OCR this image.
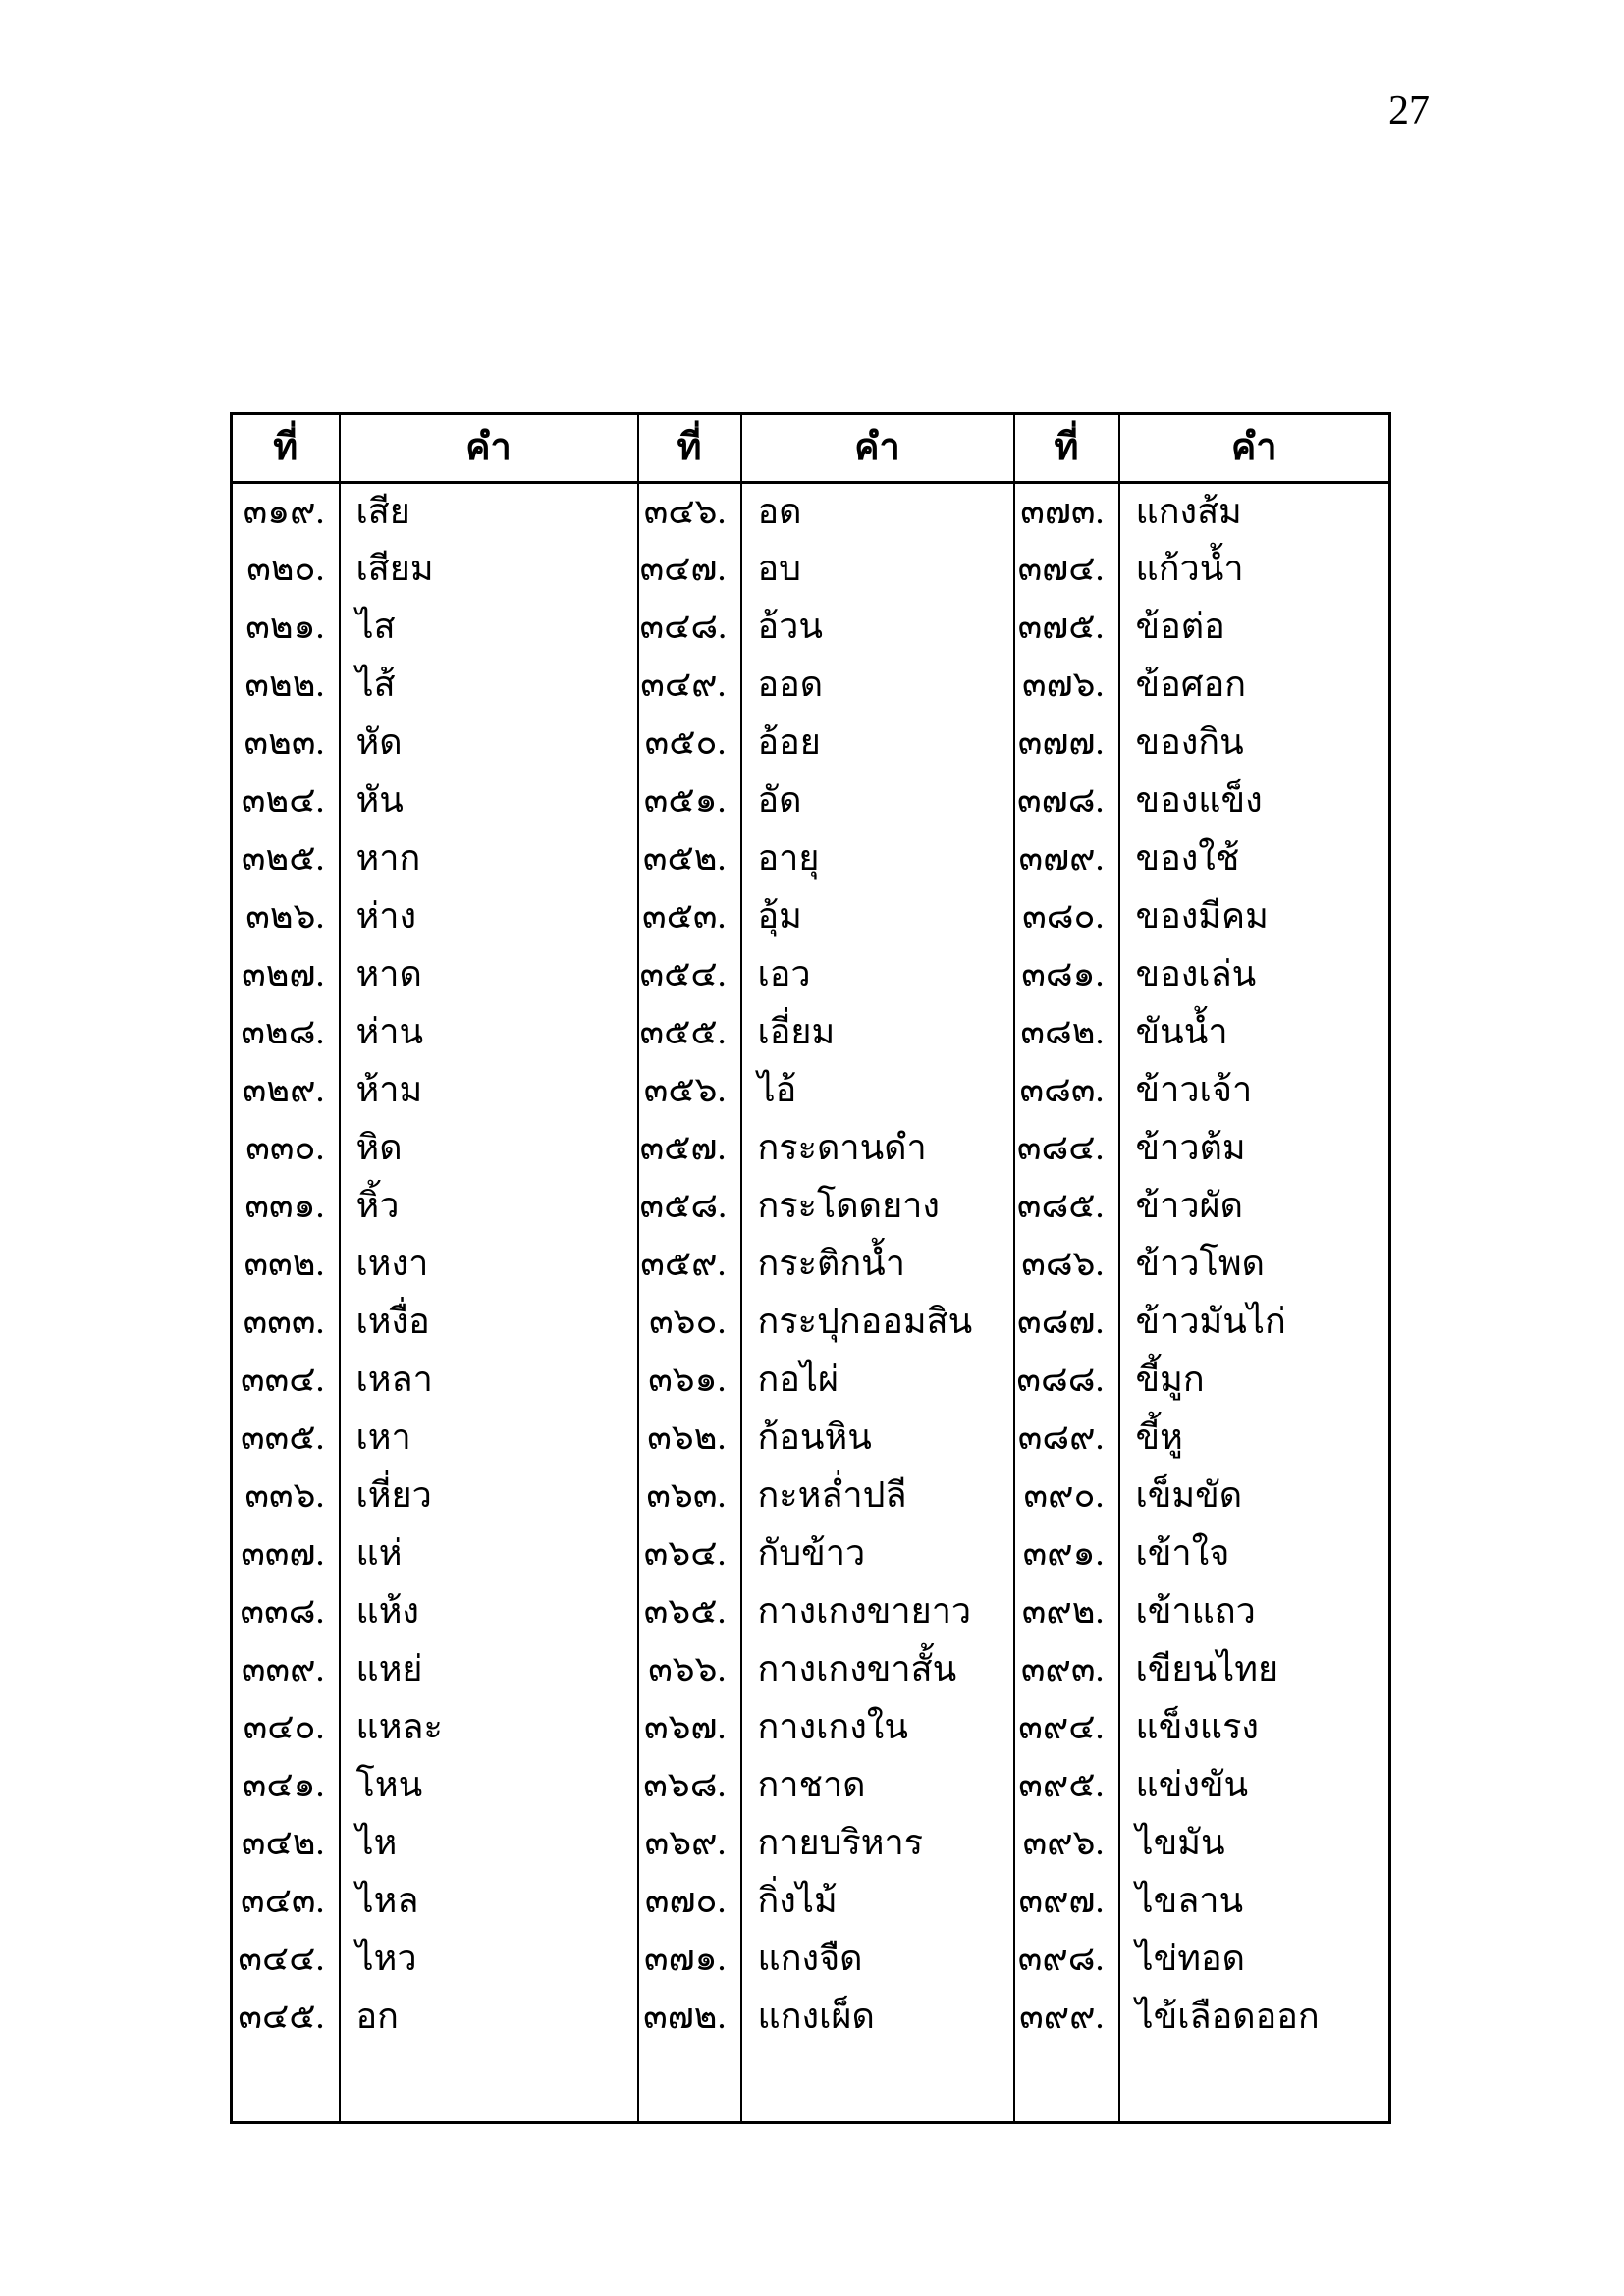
27
ที่	คำ	ที่	คำ	ที่	คำ
๓๑๙.	เสีย	๓๔๖.	อด	๓๗๓.	แกงส้ม
๓๒๐.	เสียม	๓๔๗.	อบ	๓๗๔.	แก้วน้ำ
๓๒๑.	ไส	๓๔๘.	อ้วน	๓๗๕.	ข้อต่อ
๓๒๒.	ไส้	๓๔๙.	ออด	๓๗๖.	ข้อศอก
๓๒๓.	หัด	๓๕๐.	อ้อย	๓๗๗.	ของกิน
๓๒๔.	หัน	๓๕๑.	อัด	๓๗๘.	ของแข็ง
๓๒๕.	หาก	๓๕๒.	อายุ	๓๗๙.	ของใช้
๓๒๖.	ห่าง	๓๕๓.	อุ้ม	๓๘๐.	ของมีคม
๓๒๗.	หาด	๓๕๔.	เอว	๓๘๑.	ของเล่น
๓๒๘.	ห่าน	๓๕๕.	เอี่ยม	๓๘๒.	ขันน้ำ
๓๒๙.	ห้าม	๓๕๖.	ไอ้	๓๘๓.	ข้าวเจ้า
๓๓๐.	หิด	๓๕๗.	กระดานดำ	๓๘๔.	ข้าวต้ม
๓๓๑.	หิ้ว	๓๕๘.	กระโดดยาง	๓๘๕.	ข้าวผัด
๓๓๒.	เหงา	๓๕๙.	กระติกน้ำ	๓๘๖.	ข้าวโพด
๓๓๓.	เหงื่อ	๓๖๐.	กระปุกออมสิน	๓๘๗.	ข้าวมันไก่
๓๓๔.	เหลา	๓๖๑.	กอไผ่	๓๘๘.	ขี้มูก
๓๓๕.	เหา	๓๖๒.	ก้อนหิน	๓๘๙.	ขี้หู
๓๓๖.	เหี่ยว	๓๖๓.	กะหล่ำปลี	๓๙๐.	เข็มขัด
๓๓๗.	แห่	๓๖๔.	กับข้าว	๓๙๑.	เข้าใจ
๓๓๘.	แห้ง	๓๖๕.	กางเกงขายาว	๓๙๒.	เข้าแถว
๓๓๙.	แหย่	๓๖๖.	กางเกงขาสั้น	๓๙๓.	เขียนไทย
๓๔๐.	แหละ	๓๖๗.	กางเกงใน	๓๙๔.	แข็งแรง
๓๔๑.	โหน	๓๖๘.	กาชาด	๓๙๕.	แข่งขัน
๓๔๒.	ไห	๓๖๙.	กายบริหาร	๓๙๖.	ไขมัน
๓๔๓.	ไหล	๓๗๐.	กิ่งไม้	๓๙๗.	ไขลาน
๓๔๔.	ไหว	๓๗๑.	แกงจืด	๓๙๘.	ไข่ทอด
๓๔๕.	อก	๓๗๒.	แกงเผ็ด	๓๙๙.	ไข้เลือดออก
